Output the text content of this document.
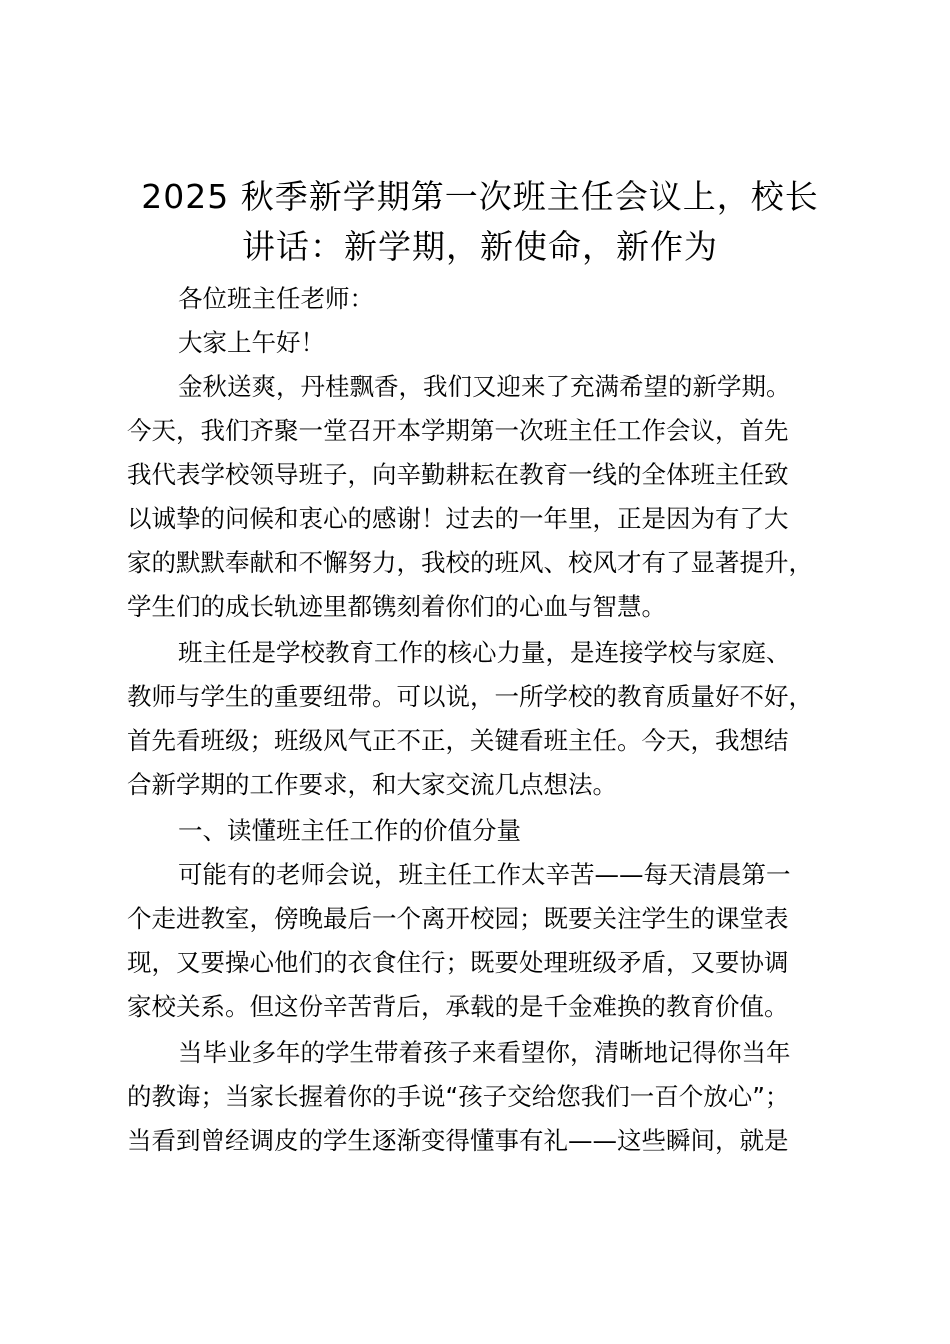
2025 秋季新学期第一次班主任会议上，校长
讲话：新学期，新使命，新作为

各位班主任老师：

大家上午好！

金秋送爽，丹桂飘香，我们又迎来了充满希望的新学期。

今天，我们齐聚一堂召开本学期第一次班主任工作会议，首先

我代表学校领导班子，向辛勤耕耘在教育一线的全体班主任致

以诚挚的问候和衷心的感谢！过去的一年里，正是因为有了大

家的默默奉献和不懈努力，我校的班风、校风才有了显著提升，

学生们的成长轨迹里都镌刻着你们的心血与智慧。

班主任是学校教育工作的核心力量，是连接学校与家庭、

教师与学生的重要纽带。可以说，一所学校的教育质量好不好，

首先看班级；班级风气正不正，关键看班主任。今天，我想结

合新学期的工作要求，和大家交流几点想法。

一、读懂班主任工作的价值分量

可能有的老师会说，班主任工作太辛苦——每天清晨第一

个走进教室，傍晚最后一个离开校园；既要关注学生的课堂表

现，又要操心他们的衣食住行；既要处理班级矛盾，又要协调

家校关系。但这份辛苦背后，承载的是千金难换的教育价值。

当毕业多年的学生带着孩子来看望你，清晰地记得你当年

的教诲；当家长握着你的手说“孩子交给您我们一百个放心”；

当看到曾经调皮的学生逐渐变得懂事有礼——这些瞬间，就是
